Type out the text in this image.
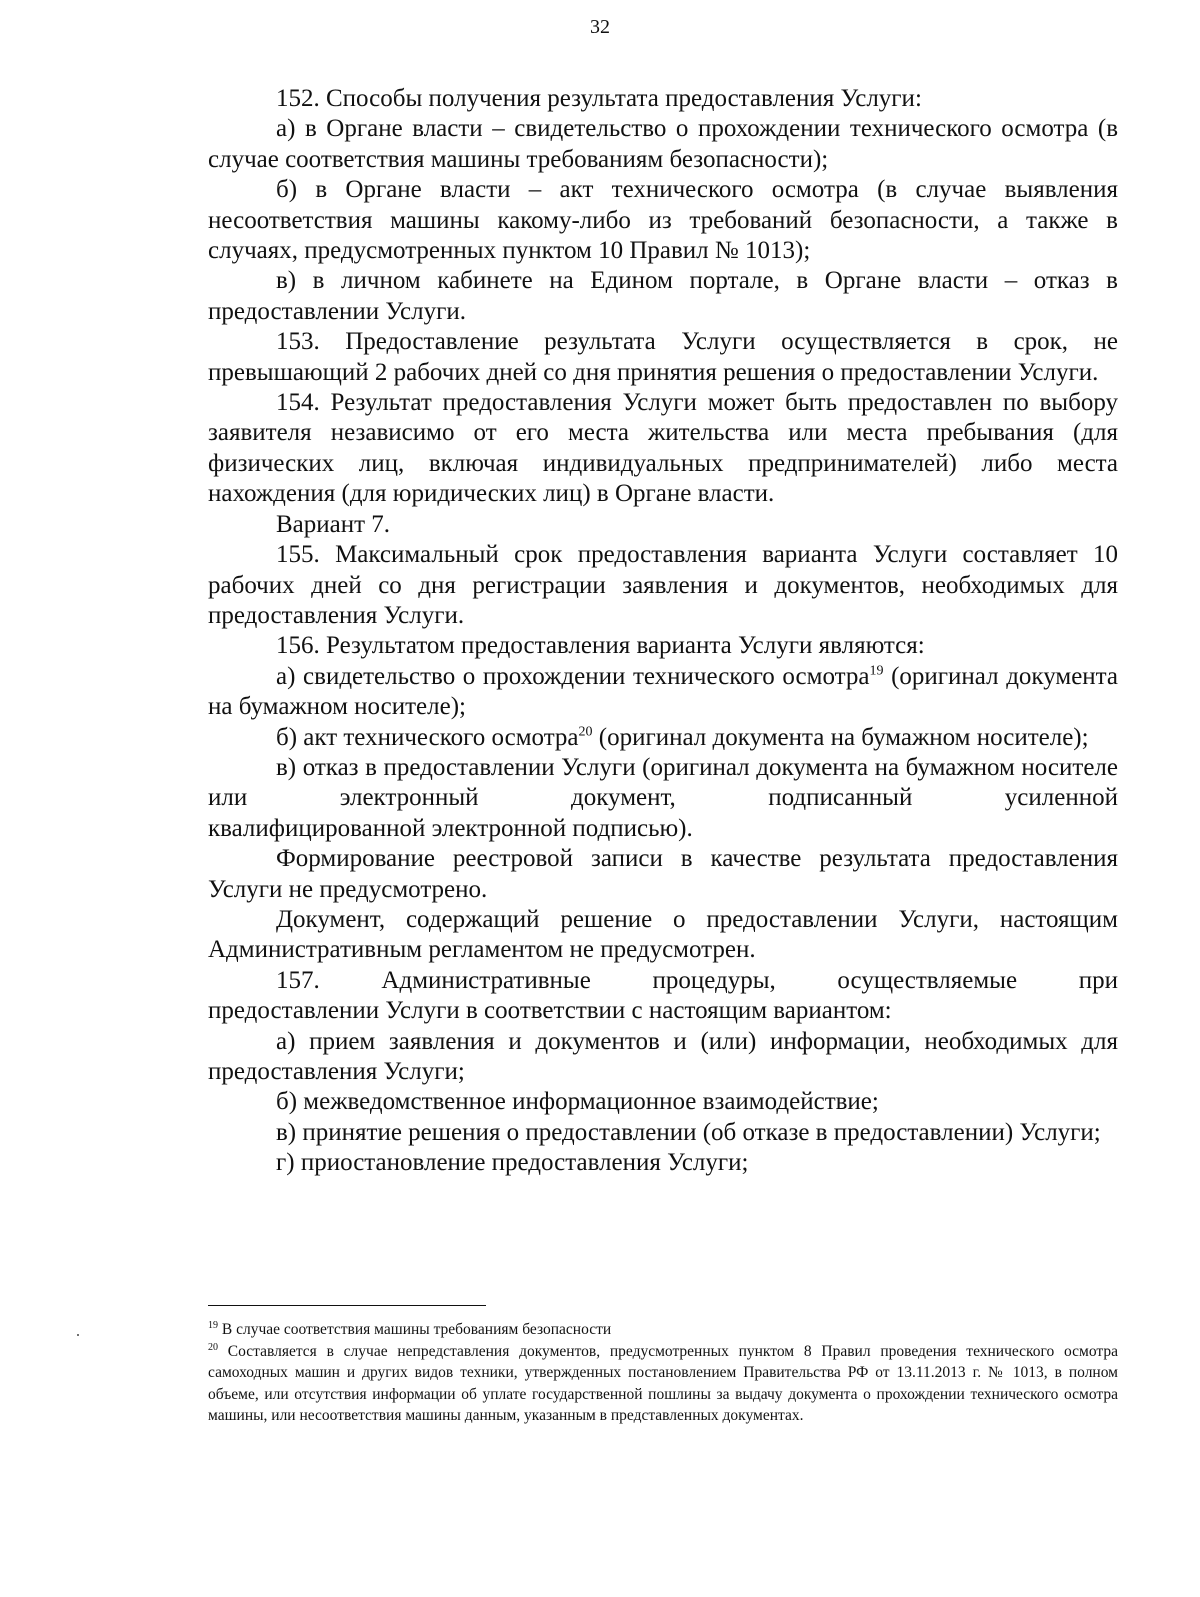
32

152. Способы получения результата предоставления Услуги:

а) в Органе власти – свидетельство о прохождении технического осмотра (в случае соответствия машины требованиям безопасности);

б) в Органе власти – акт технического осмотра (в случае выявления несоответствия машины какому-либо из требований безопасности, а также в случаях, предусмотренных пунктом 10 Правил № 1013);

в) в личном кабинете на Едином портале, в Органе власти – отказ в предоставлении Услуги.

153. Предоставление результата Услуги осуществляется в срок, не превышающий 2 рабочих дней со дня принятия решения о предоставлении Услуги.

154. Результат предоставления Услуги может быть предоставлен по выбору заявителя независимо от его места жительства или места пребывания (для физических лиц, включая индивидуальных предпринимателей) либо места нахождения (для юридических лиц) в Органе власти.

Вариант 7.

155. Максимальный срок предоставления варианта Услуги составляет 10 рабочих дней со дня регистрации заявления и документов, необходимых для предоставления Услуги.

156. Результатом предоставления варианта Услуги являются:

а) свидетельство о прохождении технического осмотра$^{19}$ (оригинал документа на бумажном носителе);

б) акт технического осмотра$^{20}$ (оригинал документа на бумажном носителе);

в) отказ в предоставлении Услуги (оригинал документа на бумажном носителе или электронный документ, подписанный усиленной

квалифицированной электронной подписью).

Формирование реестровой записи в качестве результата предоставления Услуги не предусмотрено.

Документ, содержащий решение о предоставлении Услуги, настоящим Административным регламентом не предусмотрен.

157. Административные процедуры, осуществляемые при

предоставлении Услуги в соответствии с настоящим вариантом:

а) прием заявления и документов и (или) информации, необходимых для предоставления Услуги;

б) межведомственное информационное взаимодействие;

в) принятие решения о предоставлении (об отказе в предоставлении) Услуги;

г) приостановление предоставления Услуги;

$^{19}$ В случае соответствия машины требованиям безопасности

$^{20}$ Составляется в случае непредставления документов, предусмотренных пунктом 8 Правил проведения технического осмотра самоходных машин и других видов техники, утвержденных постановлением Правительства РФ от 13.11.2013 г. № 1013, в полном объеме, или отсутствия информации об уплате государственной пошлины за выдачу документа о прохождении технического осмотра машины, или несоответствия машины данным, указанным в представленных документах.
